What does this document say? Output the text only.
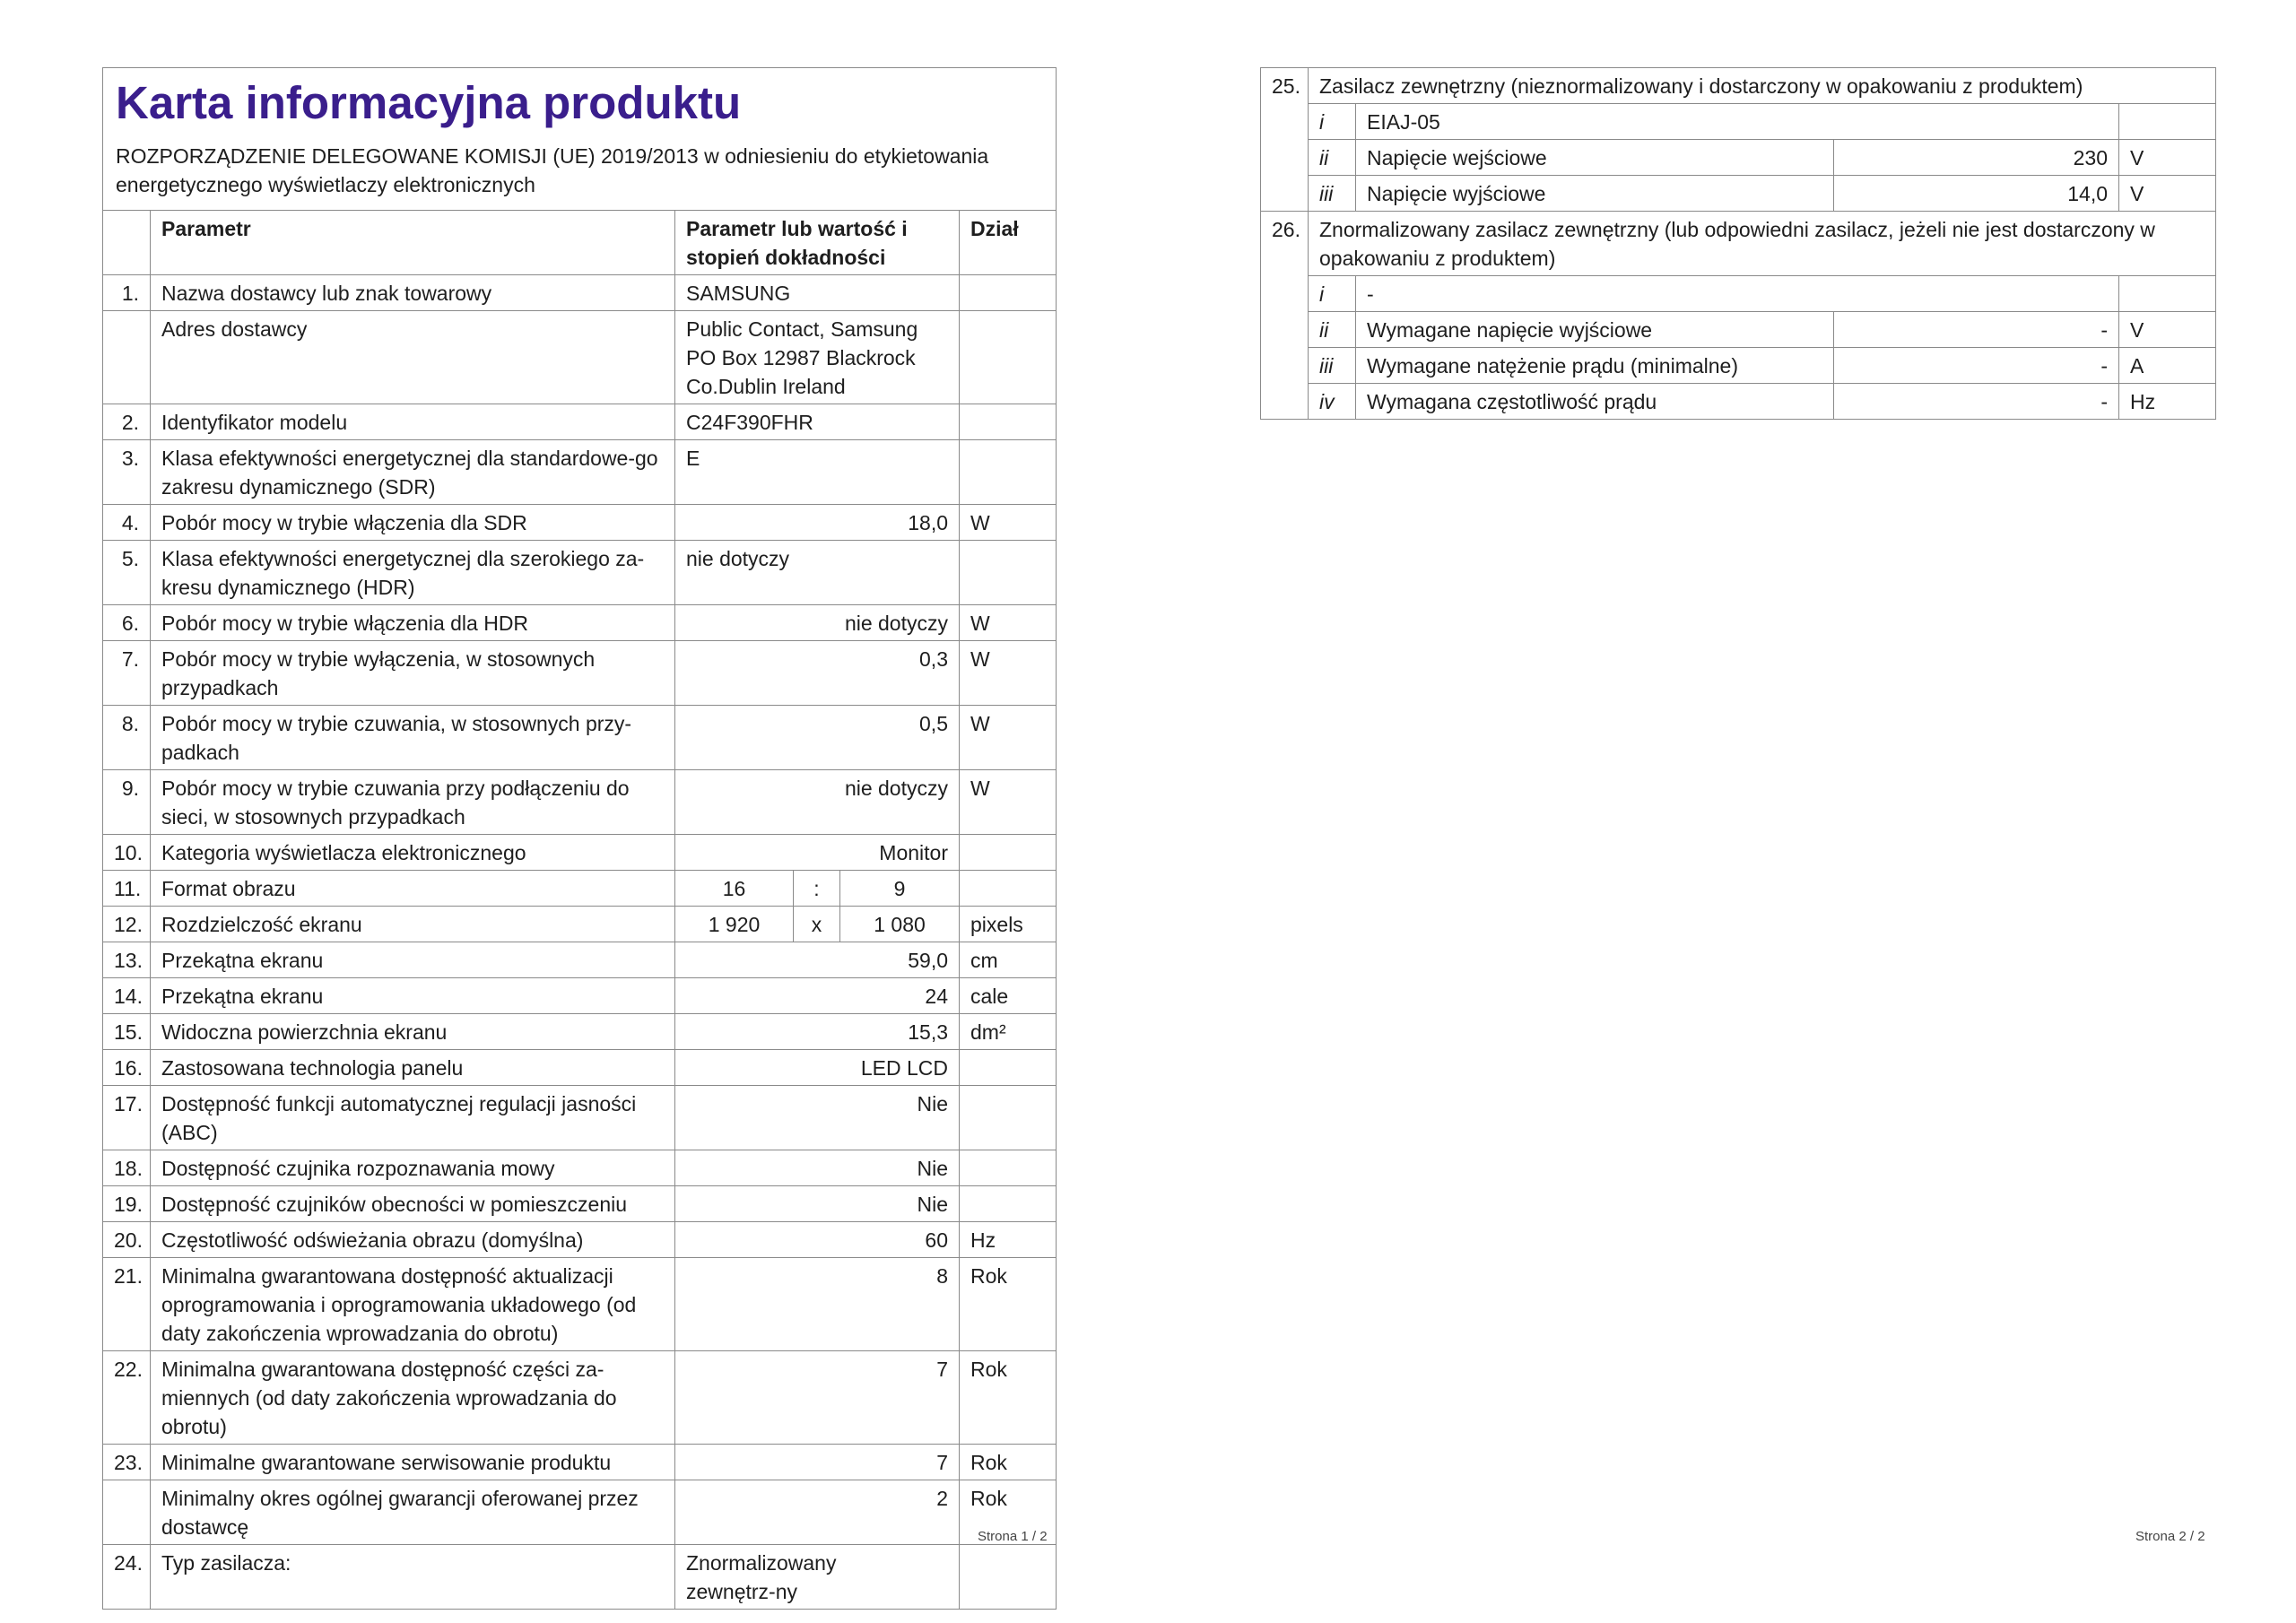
Karta informacyjna produktu
ROZPORZĄDZENIE DELEGOWANE KOMISJI (UE) 2019/2013 w odniesieniu do etykietowania energetycznego wyświetlaczy elektronicznych					

	Parametr	Parametr lub wartość i stopień dokładności			Dział
1.	Nazwa dostawcy lub znak towarowy	SAMSUNG			
	Adres dostawcy	Public Contact, Samsung PO Box 12987 Blackrock Co.Dublin Ireland			
2.	Identyfikator modelu	C24F390FHR			
3.	Klasa efektywności energetycznej dla standardowe-go zakresu dynamicznego (SDR)	E			
4.	Pobór mocy w trybie włączenia dla SDR	18,0			W
5.	Klasa efektywności energetycznej dla szerokiego za-kresu dynamicznego (HDR)	nie dotyczy			
6.	Pobór mocy w trybie włączenia dla HDR	nie dotyczy			W
7.	Pobór mocy w trybie wyłączenia, w stosownych przypadkach	0,3			W
8.	Pobór mocy w trybie czuwania, w stosownych przy-padkach	0,5			W
9.	Pobór mocy w trybie czuwania przy podłączeniu do sieci, w stosownych przypadkach	nie dotyczy			W
10.	Kategoria wyświetlacza elektronicznego	Monitor			
11.	Format obrazu	16	:	9	
12.	Rozdzielczość ekranu	1 920	x	1 080	pixels
13.	Przekątna ekranu	59,0			cm
14.	Przekątna ekranu	24			cale
15.	Widoczna powierzchnia ekranu	15,3			dm²
16.	Zastosowana technologia panelu	LED LCD			
17.	Dostępność funkcji automatycznej regulacji jasności (ABC)	Nie			
18.	Dostępność czujnika rozpoznawania mowy	Nie			
19.	Dostępność czujników obecności w pomieszczeniu	Nie			
20.	Częstotliwość odświeżania obrazu (domyślna)	60			Hz
21.	Minimalna gwarantowana dostępność aktualizacji oprogramowania i oprogramowania układowego (od daty zakończenia wprowadzania do obrotu)	8			Rok
22.	Minimalna gwarantowana dostępność części za-miennych (od daty zakończenia wprowadzania do obrotu)	7			Rok
23.	Minimalne gwarantowane serwisowanie produktu	7			Rok
	Minimalny okres ogólnej gwarancji oferowanej przez dostawcę	2			Rok
24.	Typ zasilacza:	Znormalizowany zewnętrz-ny			
Strona 1 / 2
25.	Zasilacz zewnętrzny (nieznormalizowany i dostarczony w opakowaniu z produktem)			
	i	EIAJ-05		
	ii	Napięcie wejściowe	230	V
	iii	Napięcie wyjściowe	14,0	V
26.	Znormalizowany zasilacz zewnętrzny (lub odpowiedni zasilacz, jeżeli nie jest dostarczony w opakowaniu z produktem)			
	i	-		
	ii	Wymagane napięcie wyjściowe	-	V
	iii	Wymagane natężenie prądu (minimalne)	-	A
	iv	Wymagana częstotliwość prądu	-	Hz
Strona 2 / 2
